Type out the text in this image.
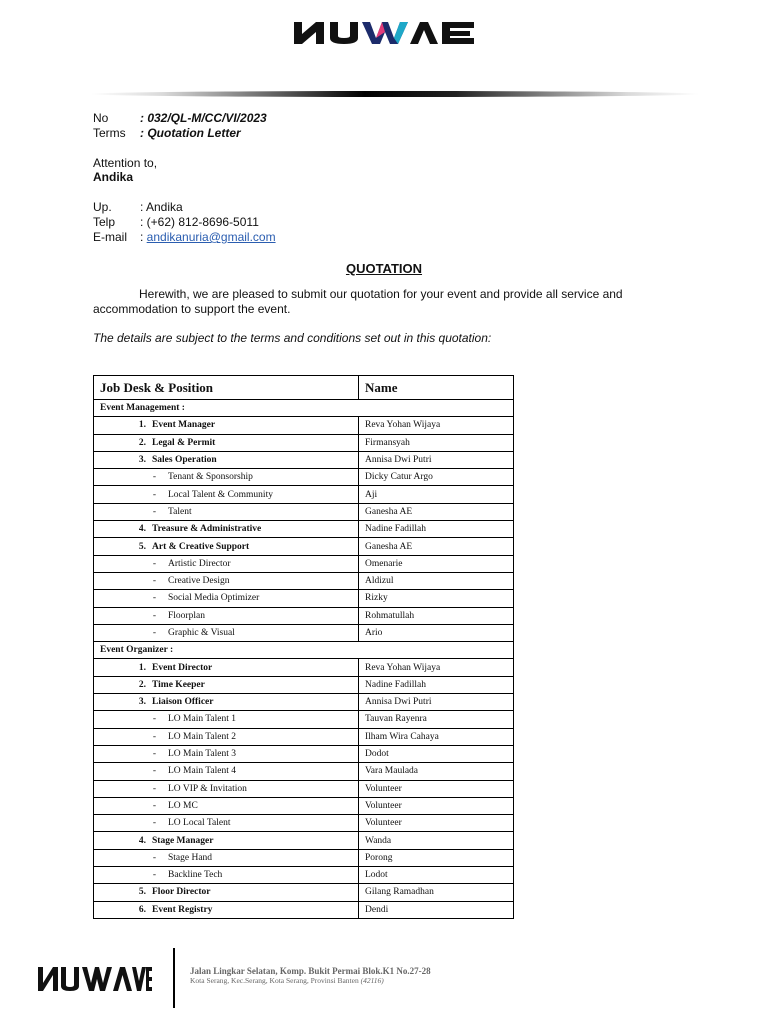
No	: 032/QL-M/CC/VI/2023
Terms : Quotation Letter
Attention to,
Andika
Up. : Andika
Telp : (+62) 812-8696-5011
E-mail : andikanuria@gmail.com
QUOTATION

Herewith, we are pleased to submit our quotation for your event and provide all service and accommodation to support the event.

The details are subject to the terms and conditions set out in this quotation:
Job Desk & Position	Name
Event Management :	
1. Event Manager	Reva Yohan Wijaya
2. Legal & Permit	Firmansyah
3. Sales Operation	Annisa Dwi Putri
- Tenant & Sponsorship	Dicky Catur Argo
- Local Talent & Community	Aji
- Talent	Ganesha AE
4. Treasure & Administrative	Nadine Fadillah
5. Art & Creative Support	Ganesha AE
- Artistic Director	Omenarie
- Creative Design	Aldizul
- Social Media Optimizer	Rizky
- Floorplan	Rohmatullah
- Graphic & Visual	Ario
Event Organizer :	
1. Event Director	Reva Yohan Wijaya
2. Time Keeper	Nadine Fadillah
3. Liaison Officer	Annisa Dwi Putri
- LO Main Talent 1	Tauvan Rayenra
- LO Main Talent 2	Ilham Wira Cahaya
- LO Main Talent 3	Dodot
- LO Main Talent 4	Vara Maulada
- LO VIP & Invitation	Volunteer
- LO MC	Volunteer
- LO Local Talent	Volunteer
4. Stage Manager	Wanda
- Stage Hand	Porong
- Backline Tech	Lodot
5. Floor Director	Gilang Ramadhan
6. Event Registry	Dendi
Jalan Lingkar Selatan, Komp. Bukit Permai Blok.K1 No.27-28
Kota Serang, Kec.Serang, Kota Serang, Provinsi Banten (42116)
